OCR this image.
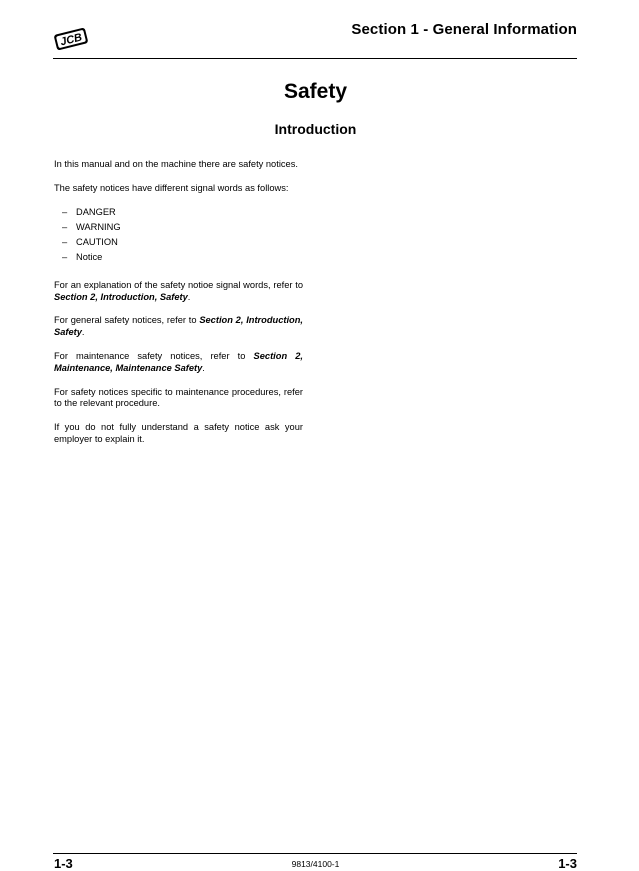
JCB
Section 1 - General Information
Safety
Introduction

In this manual and on the machine there are safety notices.

The safety notices have different signal words as follows:

– DANGER
– WARNING
– CAUTION
– Notice

For an explanation of the safety notioe signal words, refer to Section 2, Introduction, Safety.

For general safety notices, refer to Section 2, Introduction, Safety.

For maintenance safety notices, refer to Section 2, Maintenance, Maintenance Safety.

For safety notices specific to maintenance procedures, refer to the relevant procedure.

If you do not fully understand a safety notice ask your employer to explain it.

1-3	9813/4100-1	1-3
